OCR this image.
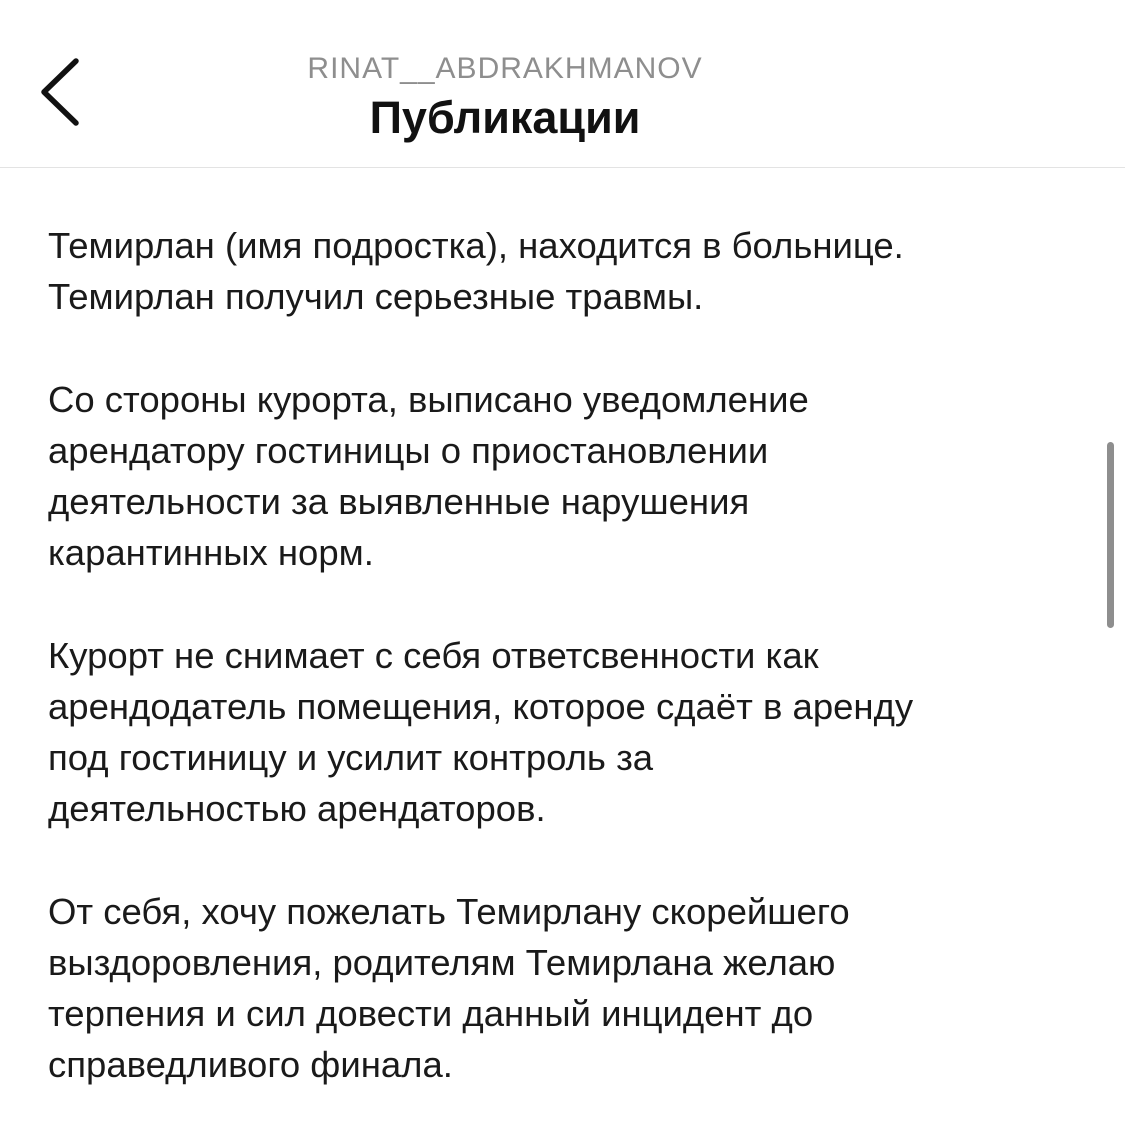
RINAT__ABDRAKHMANOV
Публикации

Темирлан (имя подростка), находится в больнице.
Темирлан получил серьезные травмы.

Со стороны курорта, выписано уведомление
арендатору гостиницы о приостановлении
деятельности за выявленные нарушения
карантинных норм.

Курорт не снимает с себя ответсвенности как
арендодатель помещения, которое сдаёт в аренду
под гостиницу и усилит контроль за
деятельностью арендаторов.

От себя, хочу пожелать Темирлану скорейшего
выздоровления, родителям Темирлана желаю
терпения и сил довести данный инцидент до
справедливого финала.
